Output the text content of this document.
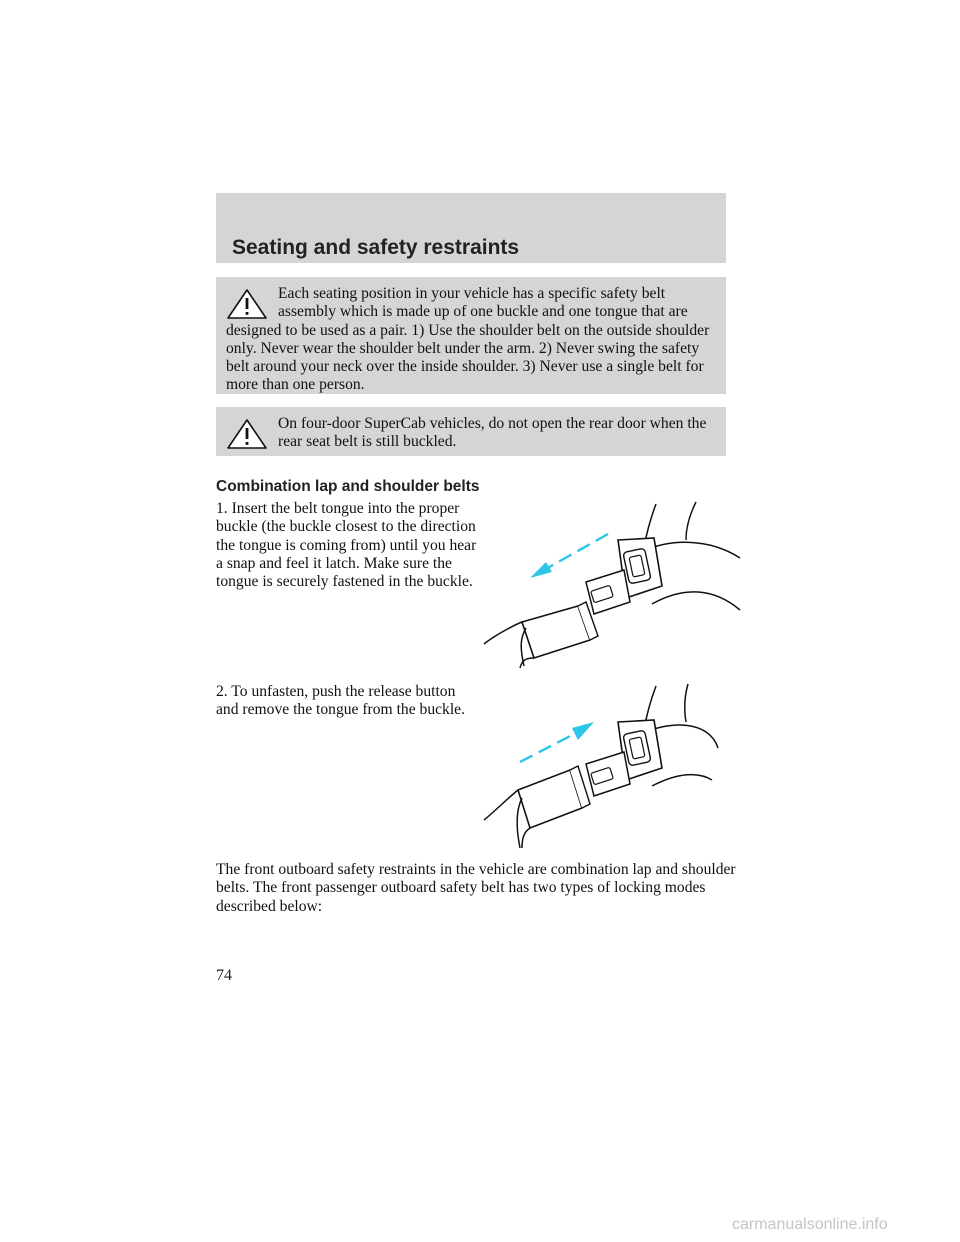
Seating and safety restraints
Each seating position in your vehicle has a specific safety belt assembly which is made up of one buckle and one tongue that are designed to be used as a pair. 1) Use the shoulder belt on the outside shoulder only. Never wear the shoulder belt under the arm. 2) Never swing the safety belt around your neck over the inside shoulder. 3) Never use a single belt for more than one person.
On four-door SuperCab vehicles, do not open the rear door when the rear seat belt is still buckled.
Combination lap and shoulder belts
1. Insert the belt tongue into the proper buckle (the buckle closest to the direction the tongue is coming from) until you hear a snap and feel it latch. Make sure the tongue is securely fastened in the buckle.
2. To unfasten, push the release button and remove the tongue from the buckle.
The front outboard safety restraints in the vehicle are combination lap and shoulder belts. The front passenger outboard safety belt has two types of locking modes described below:
74
carmanualsonline.info
